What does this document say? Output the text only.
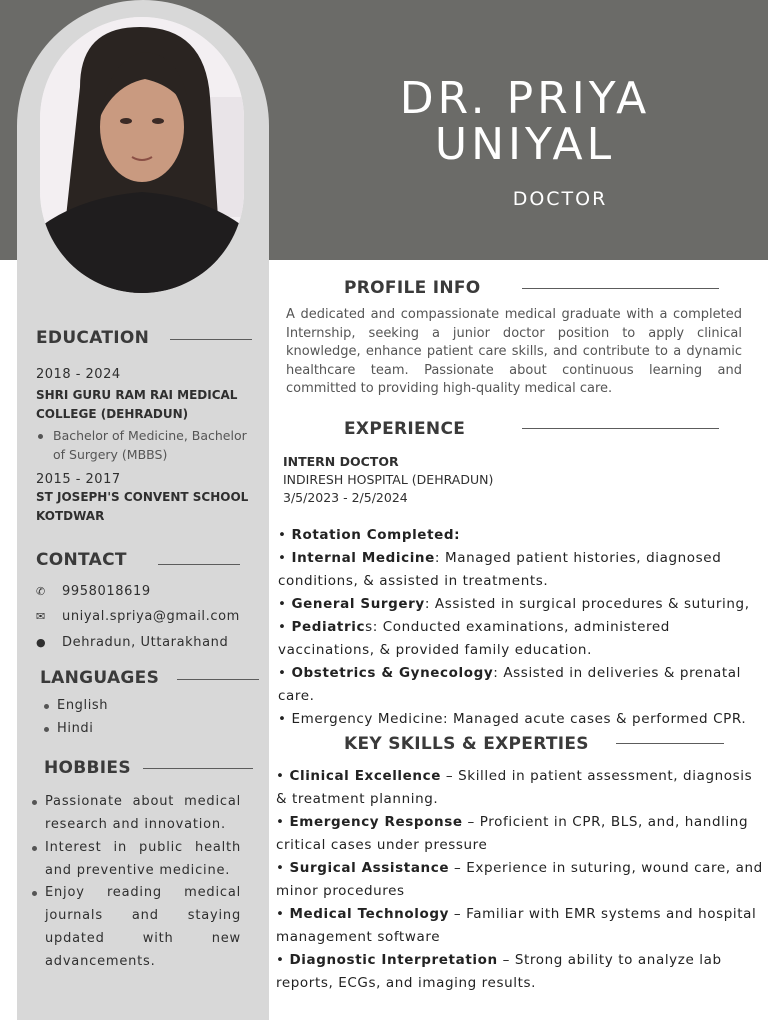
DR. PRIYA
UNIYAL
DOCTOR
EDUCATION
2018 - 2024
SHRI GURU RAM RAI MEDICAL COLLEGE (DEHRADUN)
Bachelor of Medicine, Bachelor of Surgery (MBBS)
2015 - 2017
ST JOSEPH'S CONVENT SCHOOL KOTDWAR
CONTACT
✆ 9958018619
✉ uniyal.spriya@gmail.com
● Dehradun, Uttarakhand
LANGUAGES
English
Hindi
HOBBIES
Passionate about medical research and innovation.
Interest in public health and preventive medicine.
Enjoy reading medical journals and staying updated with new advancements.
PROFILE INFO
A dedicated and compassionate medical graduate with a completed Internship, seeking a junior doctor position to apply clinical knowledge, enhance patient care skills, and contribute to a dynamic healthcare team. Passionate about continuous learning and committed to providing high-quality medical care.
EXPERIENCE
INTERN DOCTOR
INDIRESH HOSPITAL (DEHRADUN)
3/5/2023 - 2/5/2024
• Rotation Completed:
• Internal Medicine: Managed patient histories, diagnosed conditions, & assisted in treatments.
• General Surgery: Assisted in surgical procedures & suturing,
• Pediatrics: Conducted examinations, administered vaccinations, & provided family education.
• Obstetrics & Gynecology: Assisted in deliveries & prenatal care.
• Emergency Medicine: Managed acute cases & performed CPR.
KEY SKILLS & EXPERTIES
• Clinical Excellence – Skilled in patient assessment, diagnosis & treatment planning.
• Emergency Response – Proficient in CPR, BLS, and, handling critical cases under pressure
• Surgical Assistance – Experience in suturing, wound care, and minor procedures
• Medical Technology – Familiar with EMR systems and hospital management software
• Diagnostic Interpretation – Strong ability to analyze lab reports, ECGs, and imaging results.
